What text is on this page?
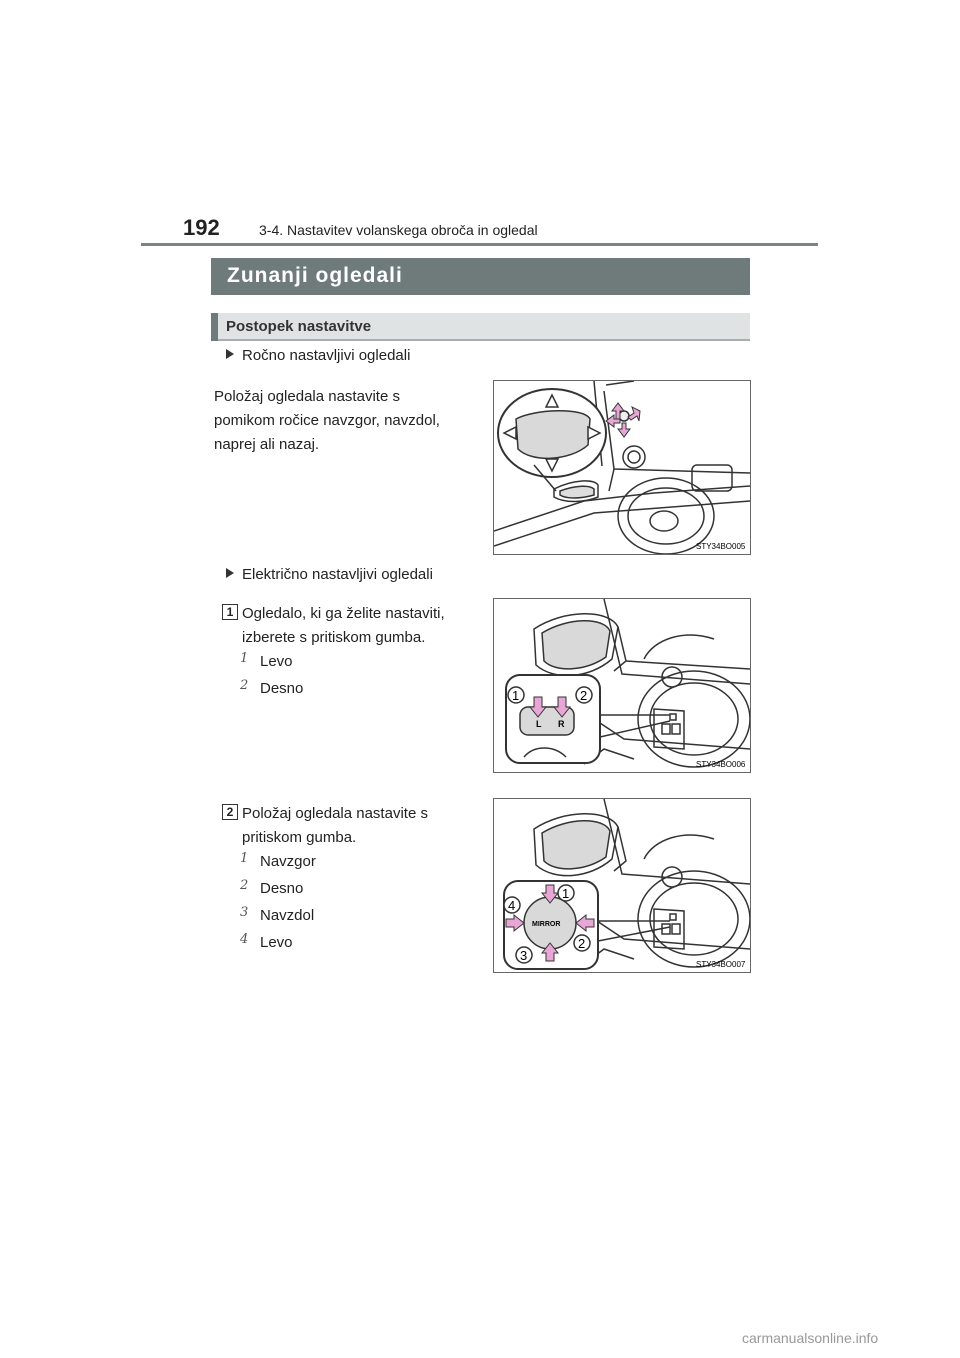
192	3-4. Nastavitev volanskega obroča in ogledal
Zunanji ogledali
Postopek nastavitve
Ročno nastavljivi ogledali
Položaj ogledala nastavite s
pomikom ročice navzgor, navzdol,
naprej ali nazaj.
STY34BO005
Električno nastavljivi ogledali
1 Ogledalo, ki ga želite nastaviti,
izberete s pritiskom gumba.
1 Levo
2 Desno	1	2
L R
STY34BO006
2 Položaj ogledala nastavite s
pritiskom gumba.
1 Navzgor
2 Desno
3 Navzdol
4 Levo
MIRROR
1
2
3
4
STY34BO007
carmanualsonline.info
